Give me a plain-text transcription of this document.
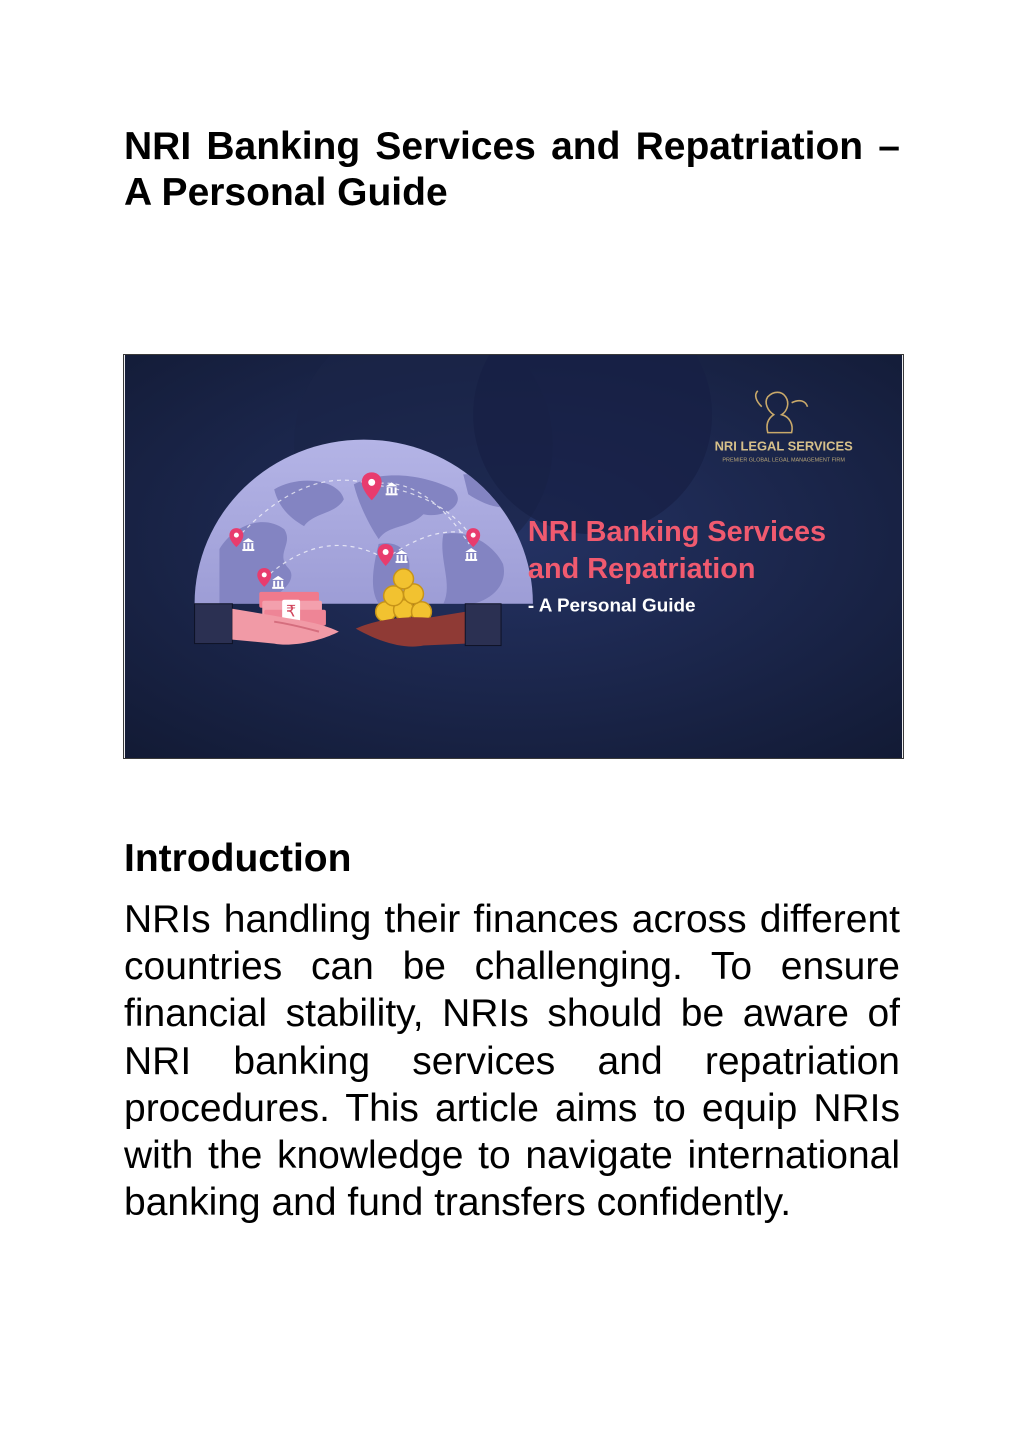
NRI Banking Services and Repatriation – A Personal Guide
₹
NRI LEGAL SERVICES
PREMIER GLOBAL LEGAL MANAGEMENT FIRM
NRI Banking Services
and Repatriation
- A Personal Guide
Introduction

NRIs handling their finances across different countries can be challenging. To ensure financial stability, NRIs should be aware of NRI banking services and repatriation procedures. This article aims to equip NRIs with the knowledge to navigate international banking and fund transfers confidently.
